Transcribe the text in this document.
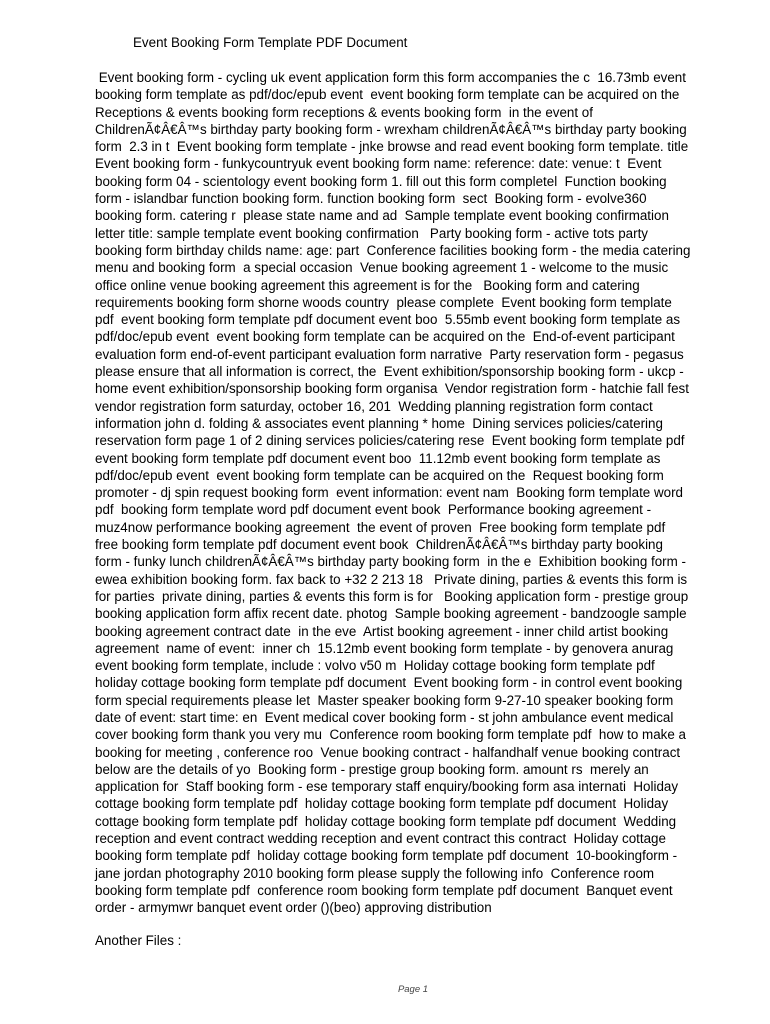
Event Booking Form Template PDF Document
Event booking form - cycling uk event application form this form accompanies the c  16.73mb event
booking form template as pdf/doc/epub event  event booking form template can be acquired on the
Receptions & events booking form receptions & events booking form  in the event of
ChildrenÃ¢Â€Â™s birthday party booking form - wrexham childrenÃ¢Â€Â™s birthday party booking
form  2.3 in t  Event booking form template - jnke browse and read event booking form template. title
Event booking form - funkycountryuk event booking form name: reference: date: venue: t  Event
booking form 04 - scientology event booking form 1. fill out this form completel  Function booking
form - islandbar function booking form. function booking form  sect  Booking form - evolve360
booking form. catering r  please state name and ad  Sample template event booking confirmation
letter title: sample template event booking confirmation   Party booking form - active tots party
booking form birthday childs name: age: part  Conference facilities booking form - the media catering
menu and booking form  a special occasion  Venue booking agreement 1 - welcome to the music
office online venue booking agreement this agreement is for the   Booking form and catering
requirements booking form shorne woods country  please complete  Event booking form template
pdf  event booking form template pdf document event boo  5.55mb event booking form template as
pdf/doc/epub event  event booking form template can be acquired on the  End-of-event participant
evaluation form end-of-event participant evaluation form narrative  Party reservation form - pegasus
please ensure that all information is correct, the  Event exhibition/sponsorship booking form - ukcp -
home event exhibition/sponsorship booking form organisa  Vendor registration form - hatchie fall fest
vendor registration form saturday, october 16, 201  Wedding planning registration form contact
information john d. folding & associates event planning * home  Dining services policies/catering
reservation form page 1 of 2 dining services policies/catering rese  Event booking form template pdf
event booking form template pdf document event boo  11.12mb event booking form template as
pdf/doc/epub event  event booking form template can be acquired on the  Request booking form
promoter - dj spin request booking form  event information: event nam  Booking form template word
pdf  booking form template word pdf document event book  Performance booking agreement -
muz4now performance booking agreement  the event of proven  Free booking form template pdf
free booking form template pdf document event book  ChildrenÃ¢Â€Â™s birthday party booking
form - funky lunch childrenÃ¢Â€Â™s birthday party booking form  in the e  Exhibition booking form -
ewea exhibition booking form. fax back to +32 2 213 18   Private dining, parties & events this form is
for parties  private dining, parties & events this form is for   Booking application form - prestige group
booking application form affix recent date. photog  Sample booking agreement - bandzoogle sample
booking agreement contract date  in the eve  Artist booking agreement - inner child artist booking
agreement  name of event:  inner ch  15.12mb event booking form template - by genovera anurag
event booking form template, include : volvo v50 m  Holiday cottage booking form template pdf
holiday cottage booking form template pdf document  Event booking form - in control event booking
form special requirements please let  Master speaker booking form 9-27-10 speaker booking form
date of event: start time: en  Event medical cover booking form - st john ambulance event medical
cover booking form thank you very mu  Conference room booking form template pdf  how to make a
booking for meeting , conference roo  Venue booking contract - halfandhalf venue booking contract
below are the details of yo  Booking form - prestige group booking form. amount rs  merely an
application for  Staff booking form - ese temporary staff enquiry/booking form asa internati  Holiday
cottage booking form template pdf  holiday cottage booking form template pdf document  Holiday
cottage booking form template pdf  holiday cottage booking form template pdf document  Wedding
reception and event contract wedding reception and event contract this contract  Holiday cottage
booking form template pdf  holiday cottage booking form template pdf document  10-bookingform -
jane jordan photography 2010 booking form please supply the following info  Conference room
booking form template pdf  conference room booking form template pdf document  Banquet event
order - armymwr banquet event order ()(beo) approving distribution
Another Files :
Page 1
